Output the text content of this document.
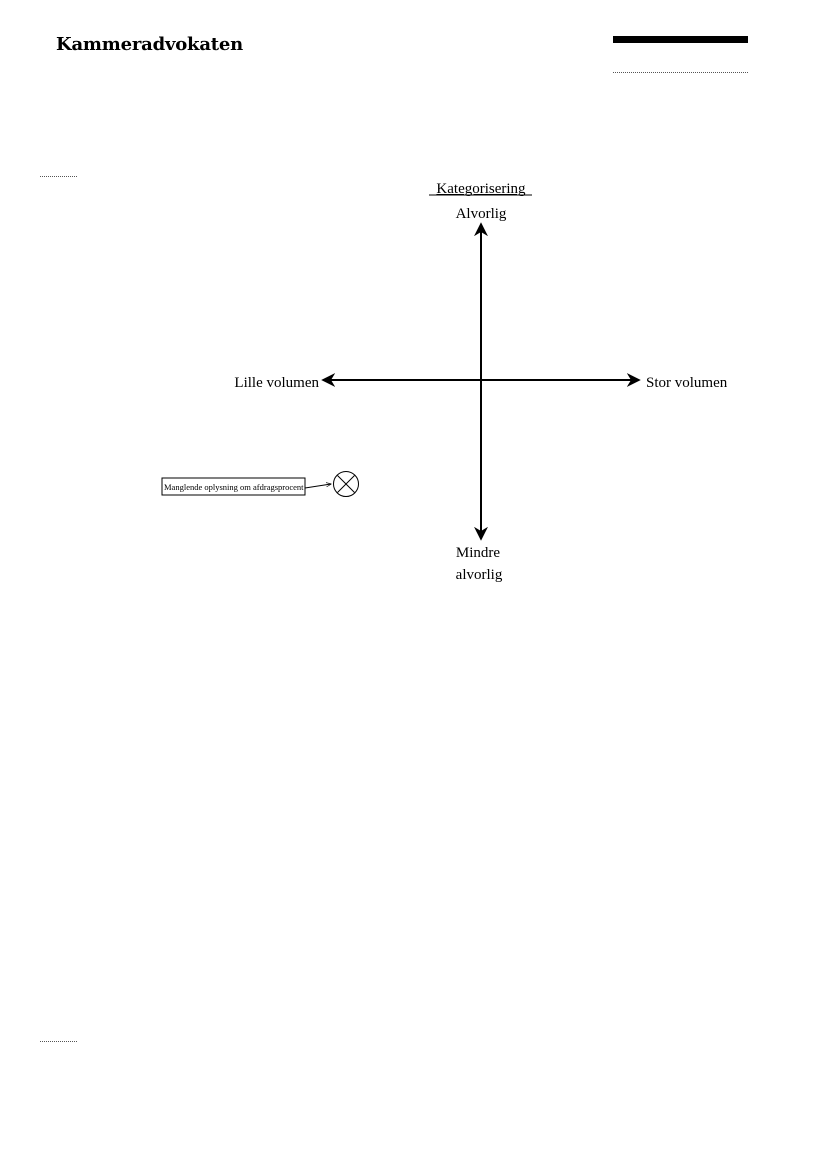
Kammeradvokaten
Kategorisering
Alvorlig
Lille volumen	Stor volumen
Mindre
alvorlig
Manglende oplysning om afdragsprocent
